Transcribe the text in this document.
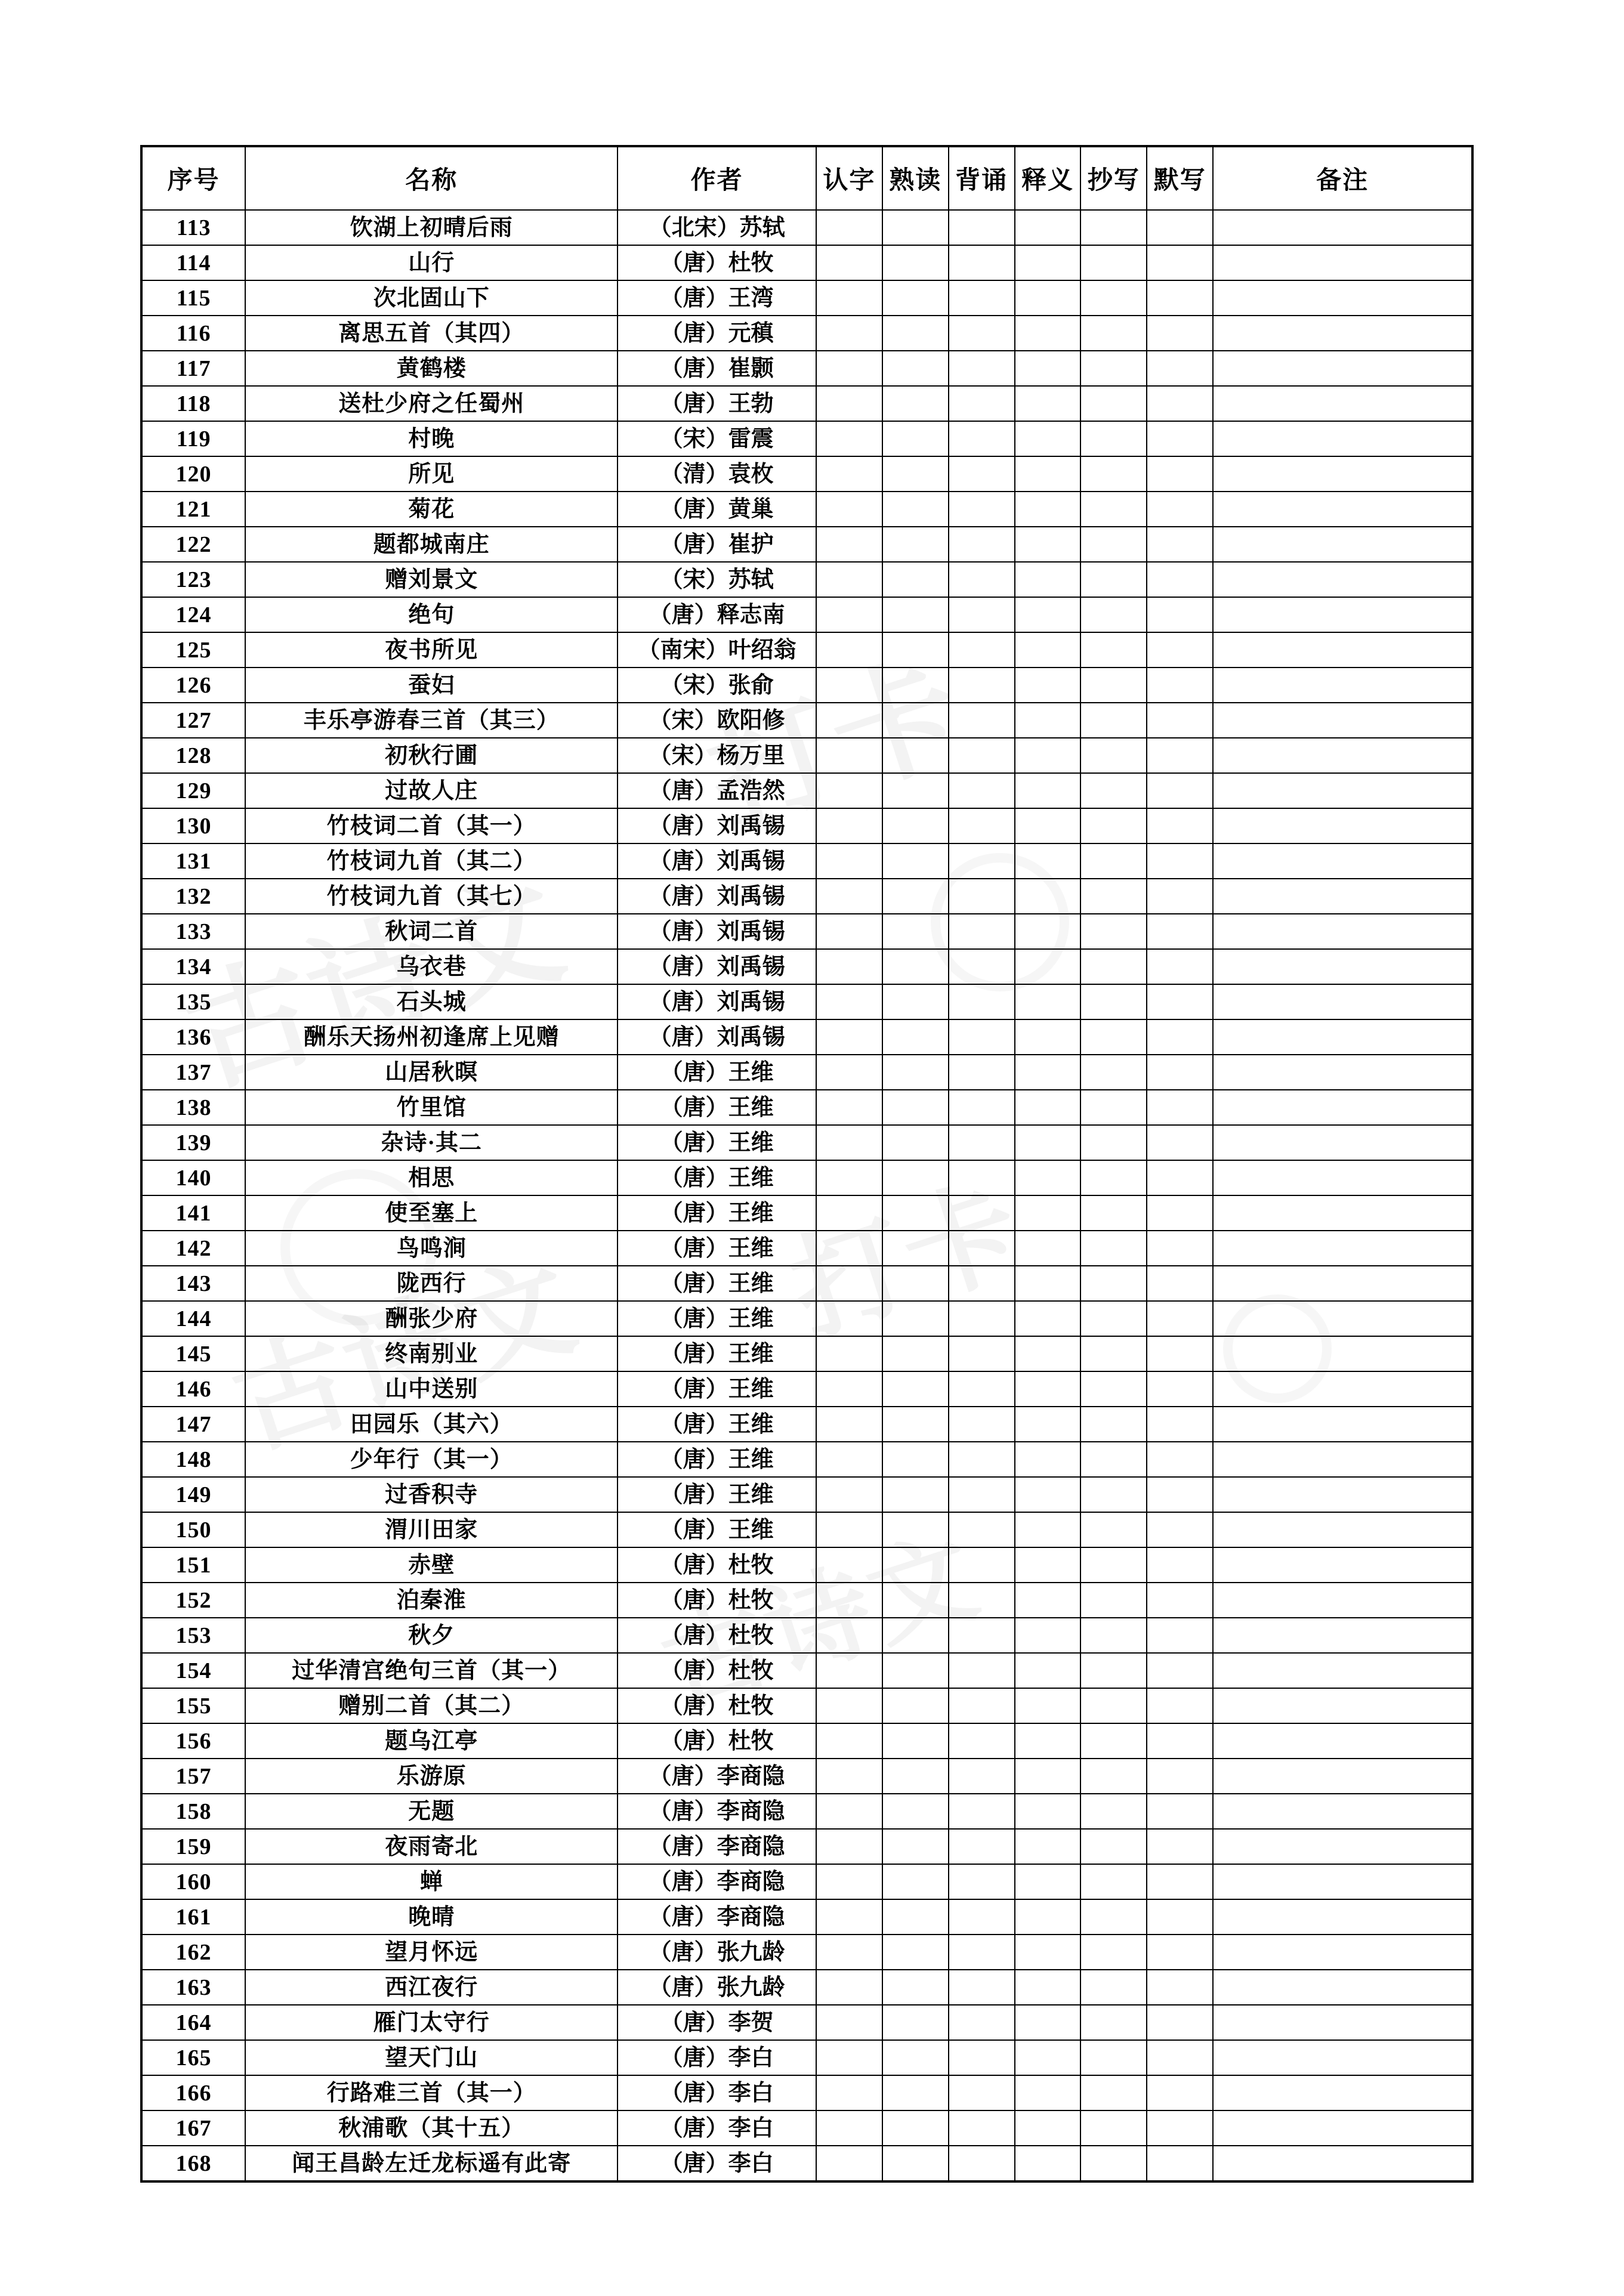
序号	名称	作者	认字	熟读	背诵	释义	抄写	默写	备注
113	饮湖上初晴后雨	（北宋）苏轼							
114	山行	（唐）杜牧							
115	次北固山下	（唐）王湾							
116	离思五首（其四）	（唐）元稹							
117	黄鹤楼	（唐）崔颢							
118	送杜少府之任蜀州	（唐）王勃							
119	村晚	（宋）雷震							
120	所见	（清）袁枚							
121	菊花	（唐）黄巢							
122	题都城南庄	（唐）崔护							
123	赠刘景文	（宋）苏轼							
124	绝句	（唐）释志南							
125	夜书所见	（南宋）叶绍翁							
126	蚕妇	（宋）张俞							
127	丰乐亭游春三首（其三）	（宋）欧阳修							
128	初秋行圃	（宋）杨万里							
129	过故人庄	（唐）孟浩然							
130	竹枝词二首（其一）	（唐）刘禹锡							
131	竹枝词九首（其二）	（唐）刘禹锡							
132	竹枝词九首（其七）	（唐）刘禹锡							
133	秋词二首	（唐）刘禹锡							
134	乌衣巷	（唐）刘禹锡							
135	石头城	（唐）刘禹锡							
136	酬乐天扬州初逢席上见赠	（唐）刘禹锡							
137	山居秋暝	（唐）王维							
138	竹里馆	（唐）王维							
139	杂诗·其二	（唐）王维							
140	相思	（唐）王维							
141	使至塞上	（唐）王维							
142	鸟鸣涧	（唐）王维							
143	陇西行	（唐）王维							
144	酬张少府	（唐）王维							
145	终南别业	（唐）王维							
146	山中送别	（唐）王维							
147	田园乐（其六）	（唐）王维							
148	少年行（其一）	（唐）王维							
149	过香积寺	（唐）王维							
150	渭川田家	（唐）王维							
151	赤壁	（唐）杜牧							
152	泊秦淮	（唐）杜牧							
153	秋夕	（唐）杜牧							
154	过华清宫绝句三首（其一）	（唐）杜牧							
155	赠别二首（其二）	（唐）杜牧							
156	题乌江亭	（唐）杜牧							
157	乐游原	（唐）李商隐							
158	无题	（唐）李商隐							
159	夜雨寄北	（唐）李商隐							
160	蝉	（唐）李商隐							
161	晚晴	（唐）李商隐							
162	望月怀远	（唐）张九龄							
163	西江夜行	（唐）张九龄							
164	雁门太守行	（唐）李贺							
165	望天门山	（唐）李白							
166	行路难三首（其一）	（唐）李白							
167	秋浦歌（其十五）	（唐）李白							
168	闻王昌龄左迁龙标遥有此寄	（唐）李白							
